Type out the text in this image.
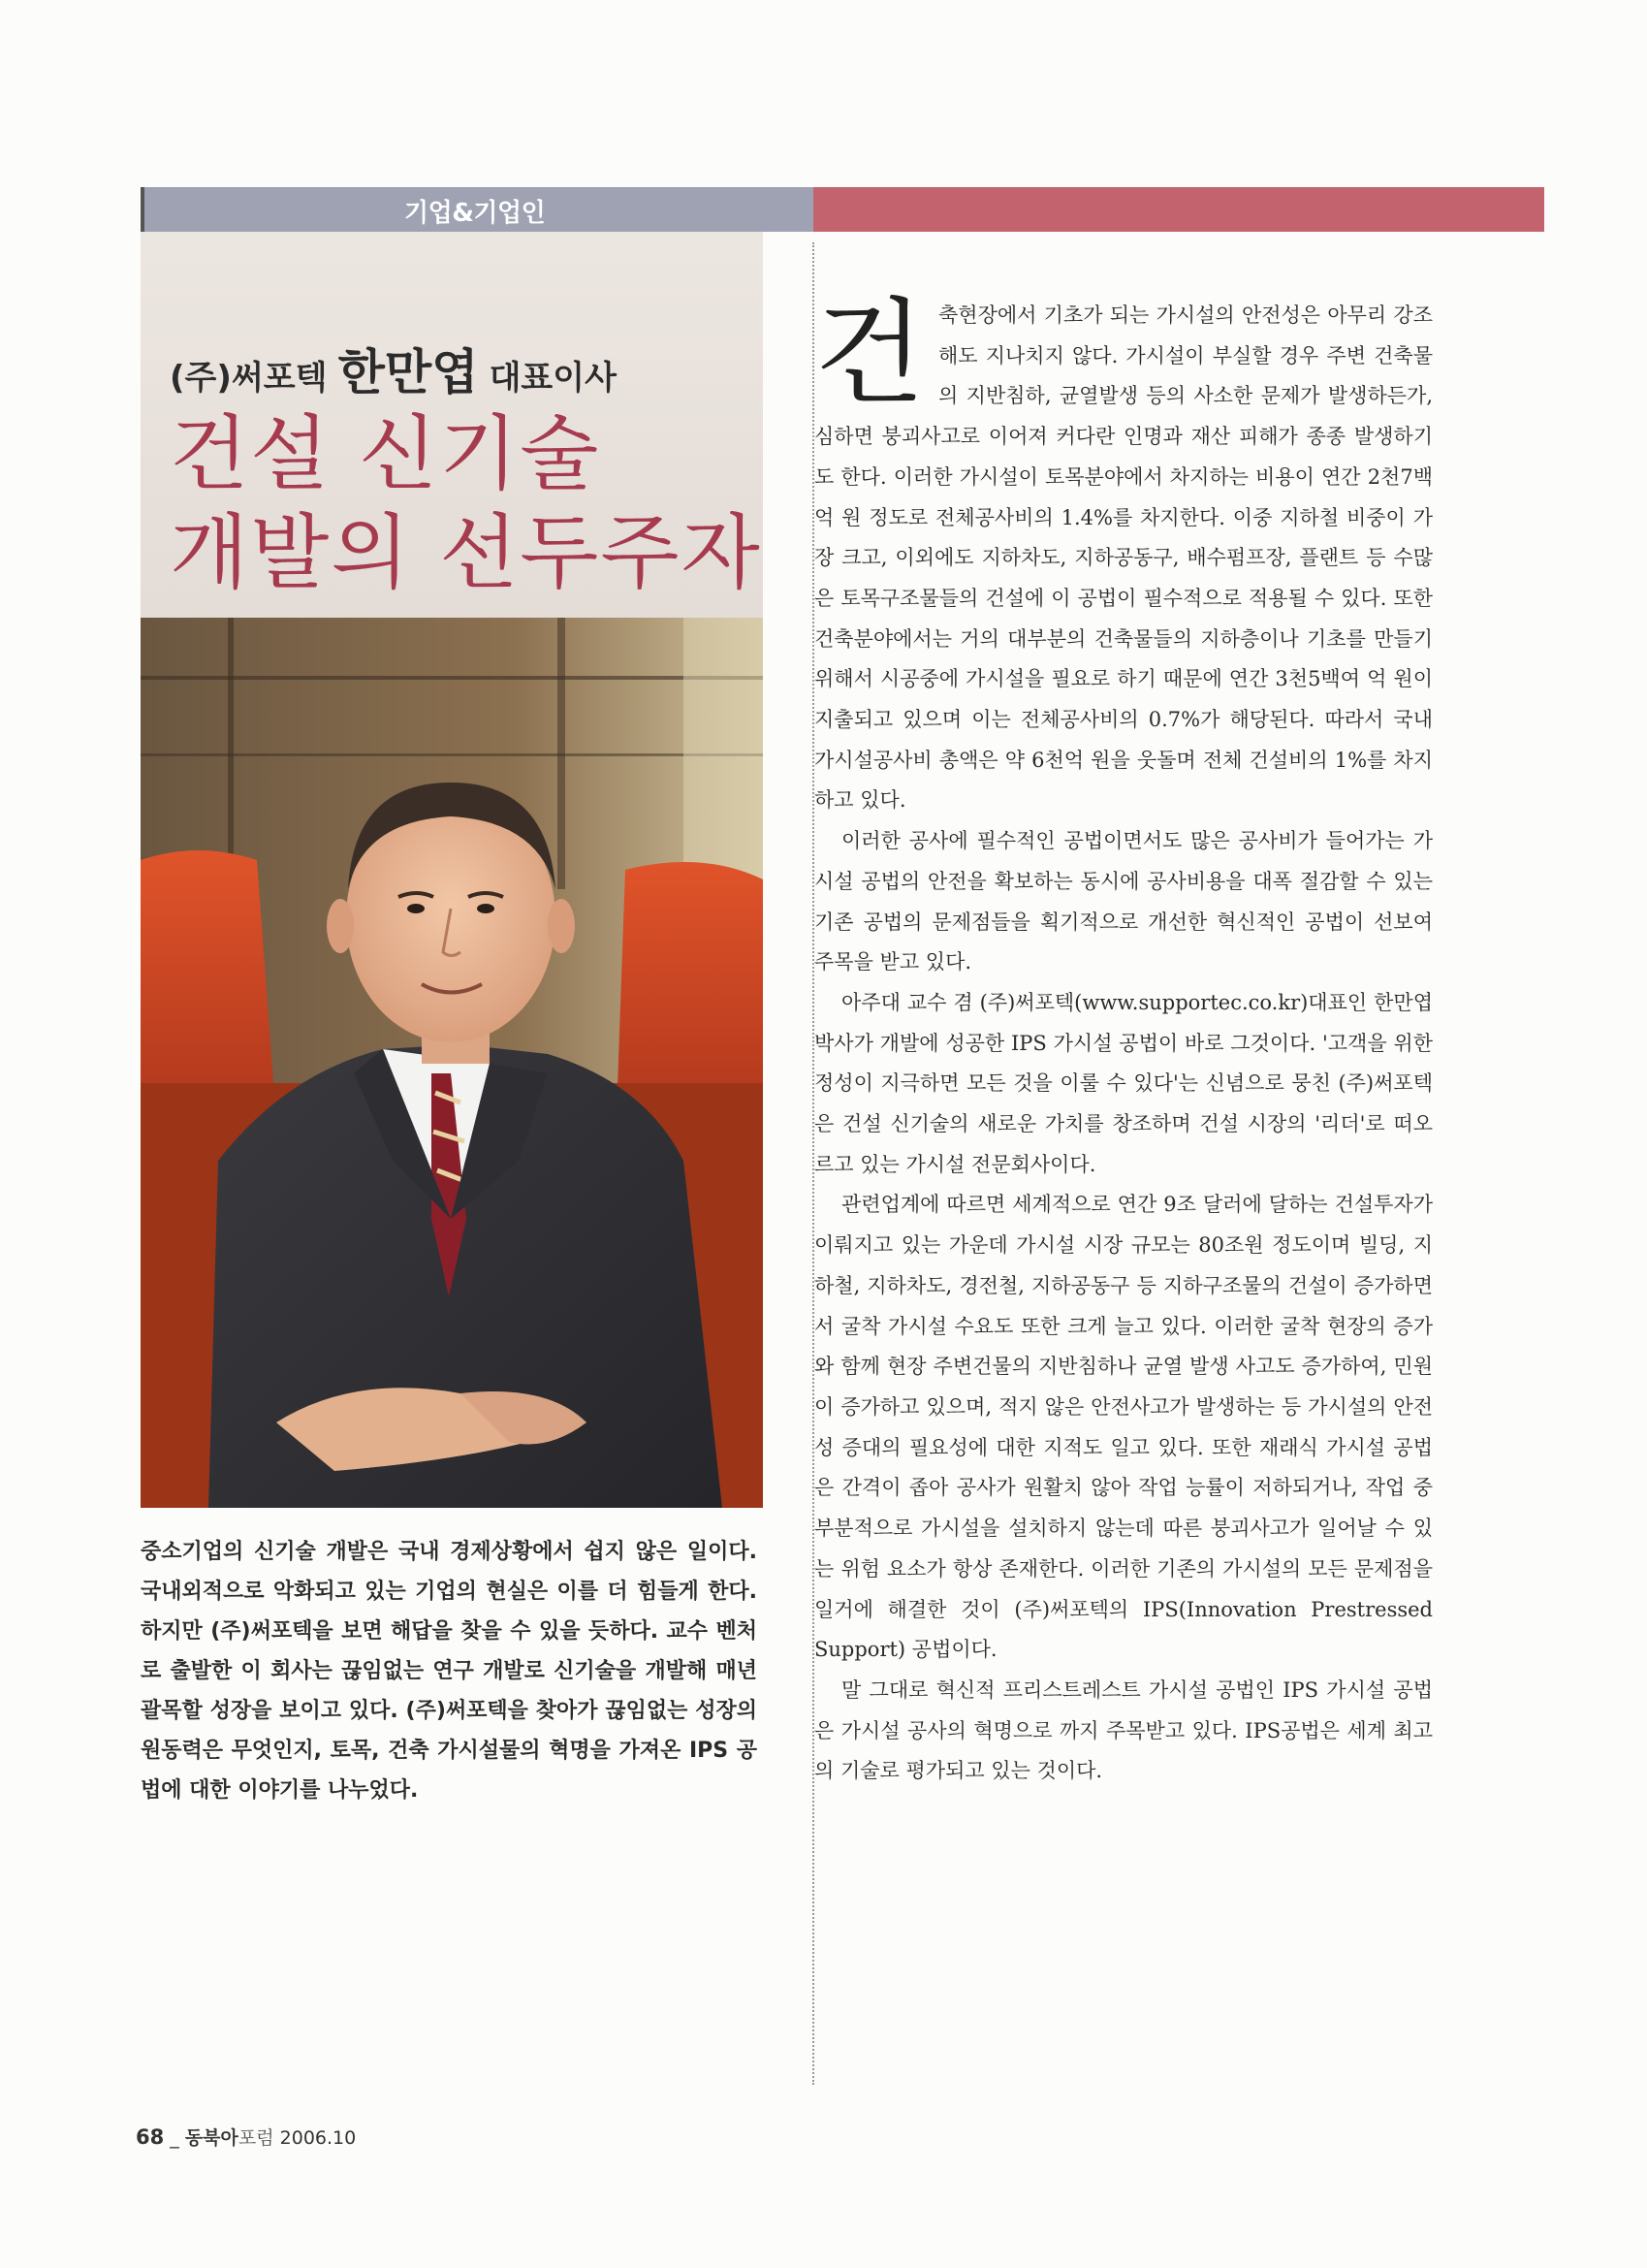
기업&기업인
(주)써포텍 한만엽 대표이사
건설 신기술
개발의 선두주자
중소기업의 신기술 개발은 국내 경제상황에서 쉽지 않은 일이다. 국내외적으로 악화되고 있는 기업의 현실은 이를 더 힘들게 한다. 하지만 (주)써포텍을 보면 해답을 찾을 수 있을 듯하다. 교수 벤처로 출발한 이 회사는 끊임없는 연구 개발로 신기술을 개발해 매년 괄목할 성장을 보이고 있다. (주)써포텍을 찾아가 끊임없는 성장의 원동력은 무엇인지, 토목, 건축 가시설물의 혁명을 가져온 IPS 공법에 대한 이야기를 나누었다.

건축현장에서 기초가 되는 가시설의 안전성은 아무리 강조해도 지나치지 않다. 가시설이 부실할 경우 주변 건축물의 지반침하, 균열발생 등의 사소한 문제가 발생하든가, 심하면 붕괴사고로 이어져 커다란 인명과 재산 피해가 종종 발생하기도 한다. 이러한 가시설이 토목분야에서 차지하는 비용이 연간 2천7백억 원 정도로 전체공사비의 1.4%를 차지한다. 이중 지하철 비중이 가장 크고, 이외에도 지하차도, 지하공동구, 배수펌프장, 플랜트 등 수많은 토목구조물들의 건설에 이 공법이 필수적으로 적용될 수 있다. 또한 건축분야에서는 거의 대부분의 건축물들의 지하층이나 기초를 만들기 위해서 시공중에 가시설을 필요로 하기 때문에 연간 3천5백여 억 원이 지출되고 있으며 이는 전체공사비의 0.7%가 해당된다. 따라서 국내 가시설공사비 총액은 약 6천억 원을 웃돌며 전체 건설비의 1%를 차지하고 있다.

이러한 공사에 필수적인 공법이면서도 많은 공사비가 들어가는 가시설 공법의 안전을 확보하는 동시에 공사비용을 대폭 절감할 수 있는 기존 공법의 문제점들을 획기적으로 개선한 혁신적인 공법이 선보여 주목을 받고 있다.

아주대 교수 겸 (주)써포텍(www.supportec.co.kr)대표인 한만엽 박사가 개발에 성공한 IPS 가시설 공법이 바로 그것이다. '고객을 위한 정성이 지극하면 모든 것을 이룰 수 있다'는 신념으로 뭉친 (주)써포텍은 건설 신기술의 새로운 가치를 창조하며 건설 시장의 '리더'로 떠오르고 있는 가시설 전문회사이다.

관련업계에 따르면 세계적으로 연간 9조 달러에 달하는 건설투자가 이뤄지고 있는 가운데 가시설 시장 규모는 80조원 정도이며 빌딩, 지하철, 지하차도, 경전철, 지하공동구 등 지하구조물의 건설이 증가하면서 굴착 가시설 수요도 또한 크게 늘고 있다. 이러한 굴착 현장의 증가와 함께 현장 주변건물의 지반침하나 균열 발생 사고도 증가하여, 민원이 증가하고 있으며, 적지 않은 안전사고가 발생하는 등 가시설의 안전성 증대의 필요성에 대한 지적도 일고 있다. 또한 재래식 가시설 공법은 간격이 좁아 공사가 원활치 않아 작업 능률이 저하되거나, 작업 중 부분적으로 가시설을 설치하지 않는데 따른 붕괴사고가 일어날 수 있는 위험 요소가 항상 존재한다. 이러한 기존의 가시설의 모든 문제점을 일거에 해결한 것이 (주)써포텍의 IPS(Innovation Prestressed Support) 공법이다.

말 그대로 혁신적 프리스트레스트 가시설 공법인 IPS 가시설 공법은 가시설 공사의 혁명으로 까지 주목받고 있다. IPS공법은 세계 최고의 기술로 평가되고 있는 것이다.

68 _ 동북아포럼 2006.10
